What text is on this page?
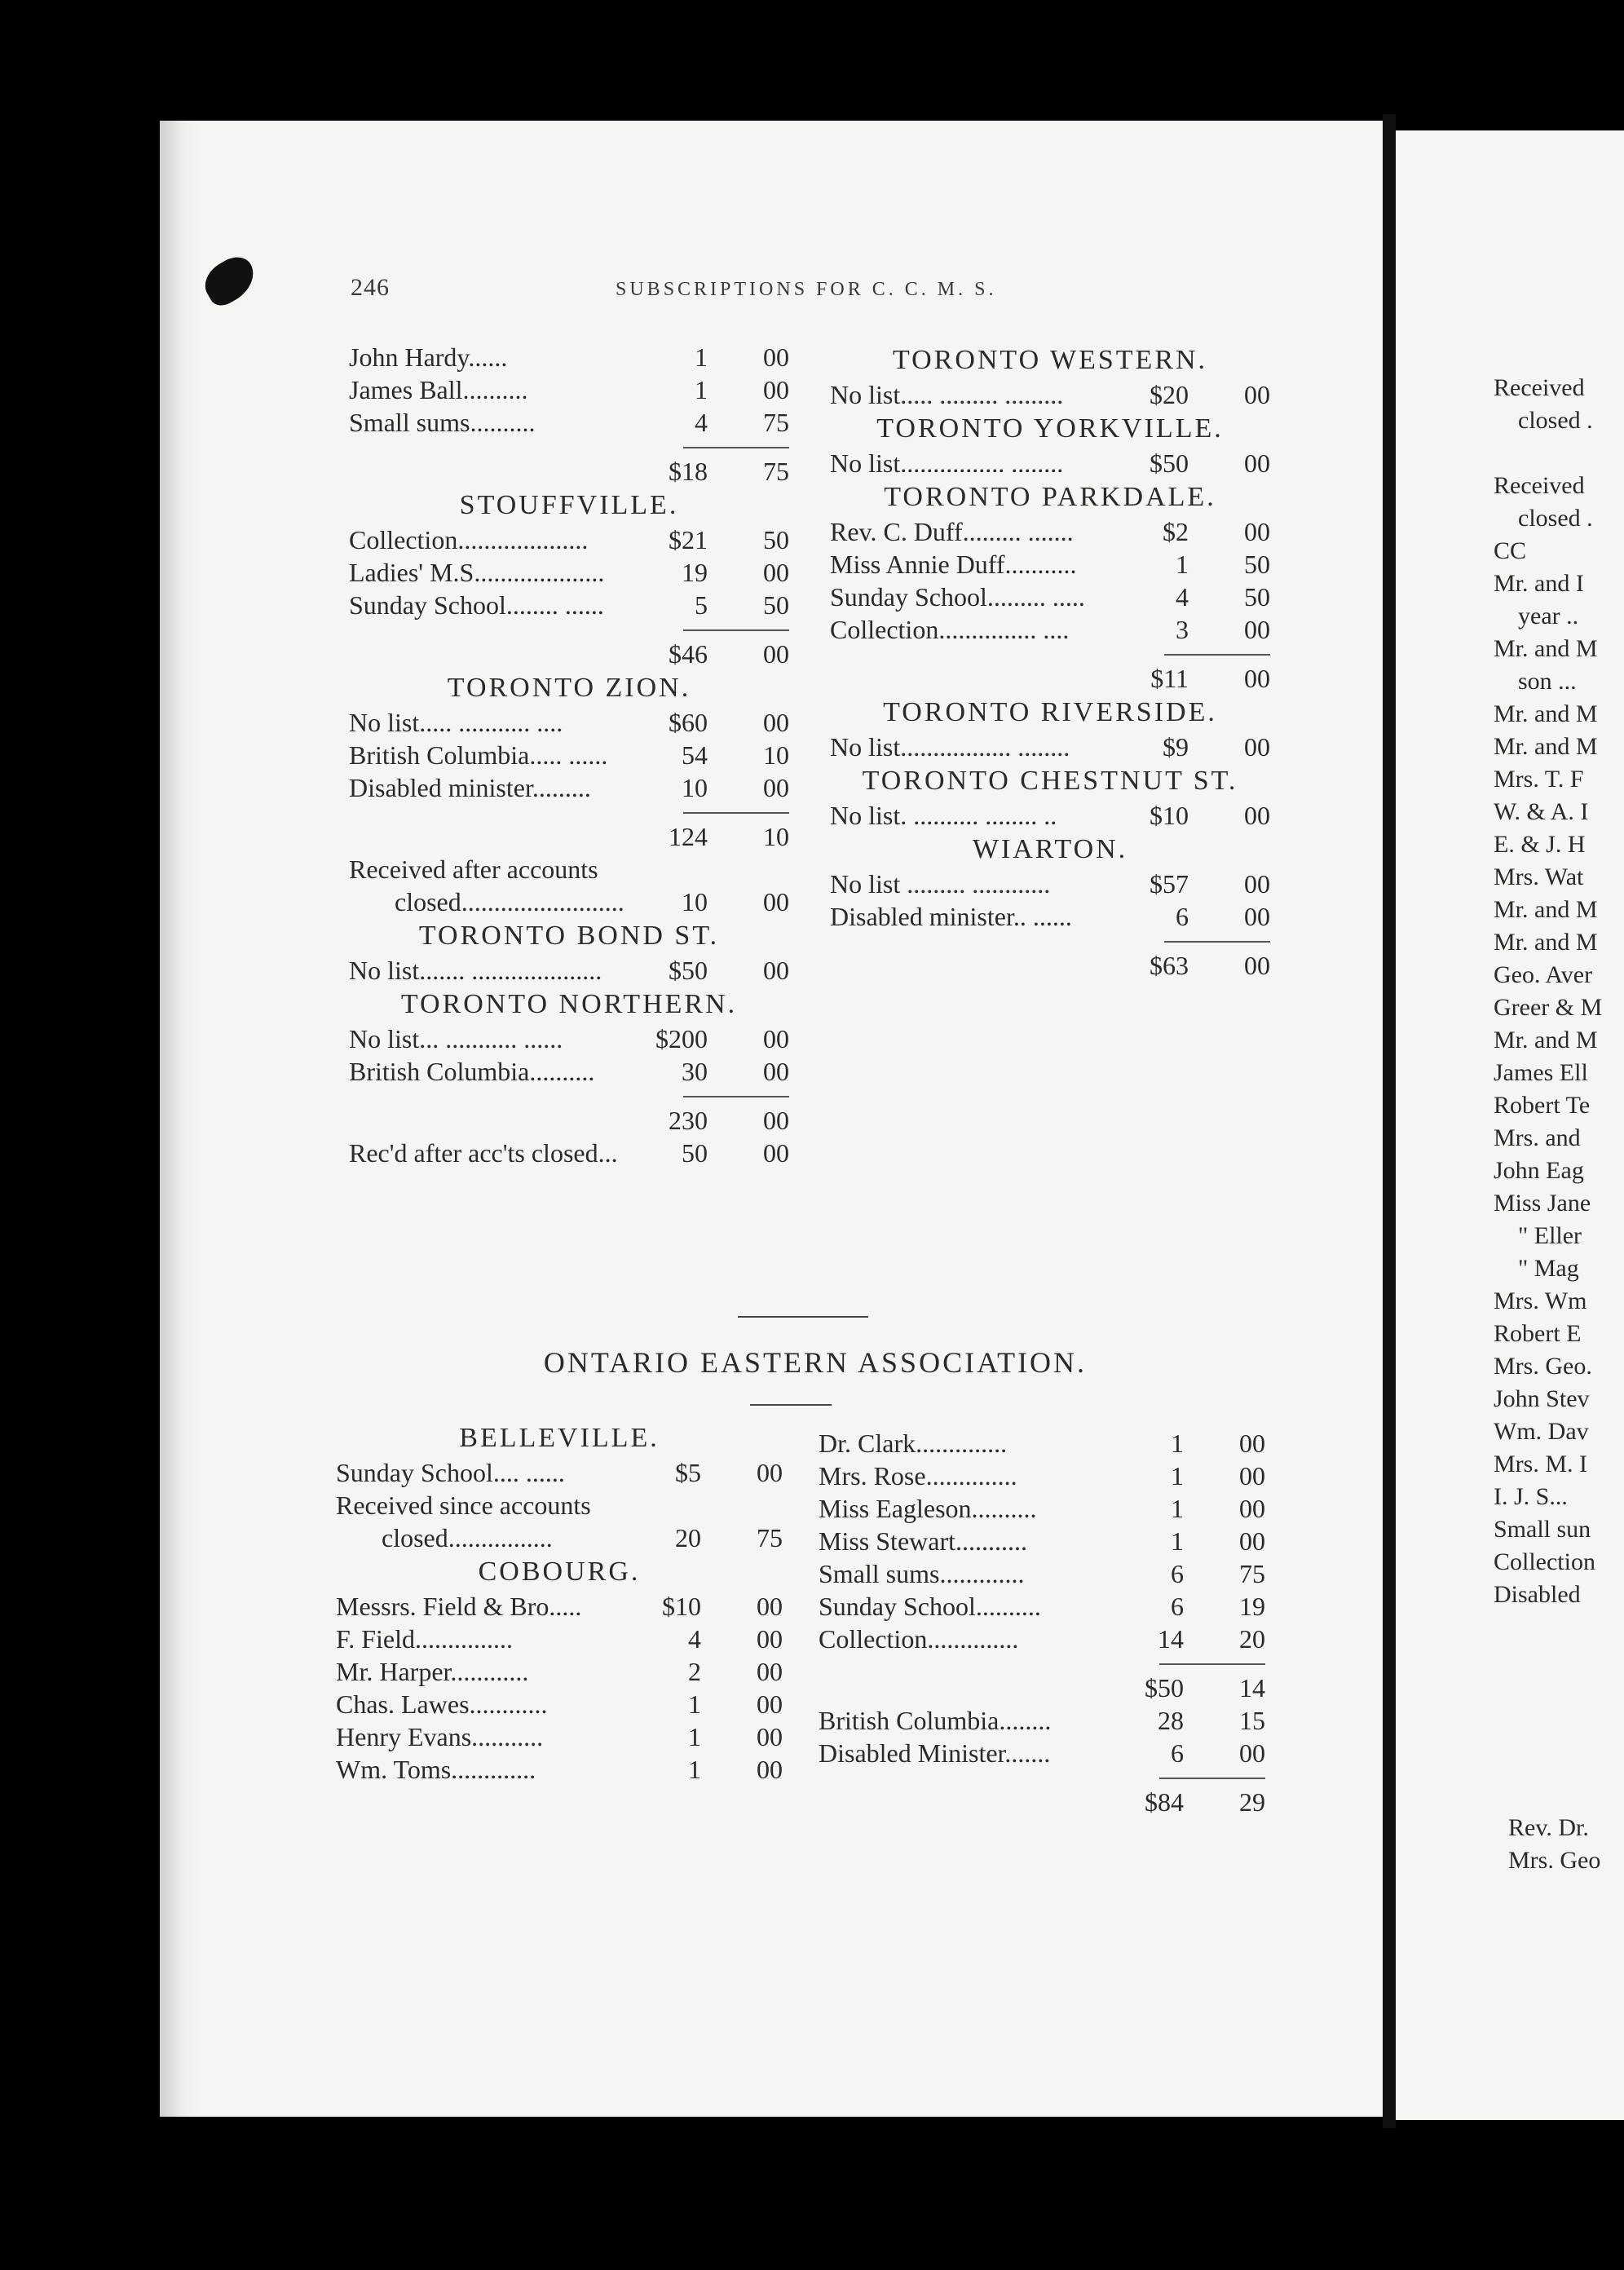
246	SUBSCRIPTIONS FOR C. C. M. S.
John Hardy......	1	00
James Ball..........	1	00
Small sums..........	4	75
$18	75
STOUFFVILLE.
Collection....................	$21	50
Ladies' M.S....................	19	00
Sunday School........ ......	5	50
$46	00
TORONTO ZION.
No list..... ........... ....	$60	00
British Columbia..... ......	54	10
Disabled minister.........	10	00
124	10
Received after accounts
closed......................... 10	00
TORONTO BOND ST.
No list....... ....................	$50	00
TORONTO NORTHERN.
No list... ........... ......	$200	00
British Columbia..........	30	00
230	00
Rec'd after acc'ts closed... 50	00
TORONTO WESTERN.
No list..... ......... .........	$20	00
TORONTO YORKVILLE.
No list................ ........	$50	00
TORONTO PARKDALE.
Rev. C. Duff......... .......	$2	00
Miss Annie Duff...........	1	50
Sunday School......... .....	4	50
Collection............... ....	3	00
$11	00
TORONTO RIVERSIDE.
No list................. ........	$9	00
TORONTO CHESTNUT ST.
No list. .......... ........ ..	$10	00
WIARTON.
No list ......... ............	$57	00
Disabled minister.. ......	6	00
$63	00
ONTARIO EASTERN ASSOCIATION.
BELLEVILLE.
Sunday School.... ......	$5	00
Received since accounts
closed................	20	75
COBOURG.
Messrs. Field & Bro.....	$10	00
F. Field...............	4	00
Mr. Harper............	2	00
Chas. Lawes............	1	00
Henry Evans...........	1	00
Wm. Toms.............	1	00
Dr. Clark..............	1	00
Mrs. Rose..............	1	00
Miss Eagleson..........	1	00
Miss Stewart...........	1	00
Small sums.............	6	75
Sunday School..........	6	19
Collection..............	14	20
$50	14
British Columbia........	28	15
Disabled Minister.......	6	00
$84	29
Received
closed .
Received
closed .
CC
Mr. and I
year ..
Mr. and M
son ...
Mr. and M
Mr. and M
Mrs. T. F
W. & A. I
E. & J. H
Mrs. Wat
Mr. and M
Mr. and M
Geo. Aver
Greer & M
Mr. and M
James Ell
Robert Te
Mrs. and
John Eag
Miss Jane
" Eller
" Mag
Mrs. Wm
Robert E
Mrs. Geo.
John Stev
Wm. Dav
Mrs. M. I
I. J. S...
Small sun
Collection
Disabled
Rev. Dr.
Mrs. Geo
